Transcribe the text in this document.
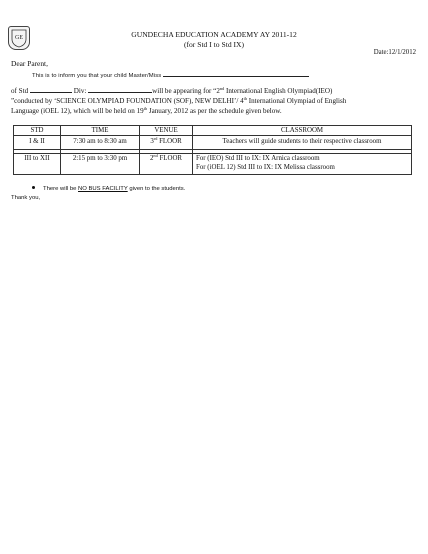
GE	GUNDECHA EDUCATION ACADEMY AY 2011-12
(for Std I to Std IX)
Date:12/1/2012
Dear Parent,
This is to inform you that your child Master/Miss
of Std	Div:	will be appearing for “2nd International English Olympiad(IEO)
”conducted by ‘SCIENCE OLYMPIAD FOUNDATION (SOF), NEW DELHI’/ 4th International Olympiad of English
Language (iOEL 12), which will be held on 19th January, 2012 as per the schedule given below.
STD	TIME	VENUE	CLASSROOM
I & II	7:30 am to 8:30 am	3rd FLOOR	Teachers will guide students to their respective classroom

III to XII	2:15 pm to 3:30 pm	2nd FLOOR	For (IEO) Std III to IX: IX Arnica classroom
For (iOEL 12) Std III to IX: IX Melissa classroom
There will be NO BUS FACILITY given to the students.
Thank you,
